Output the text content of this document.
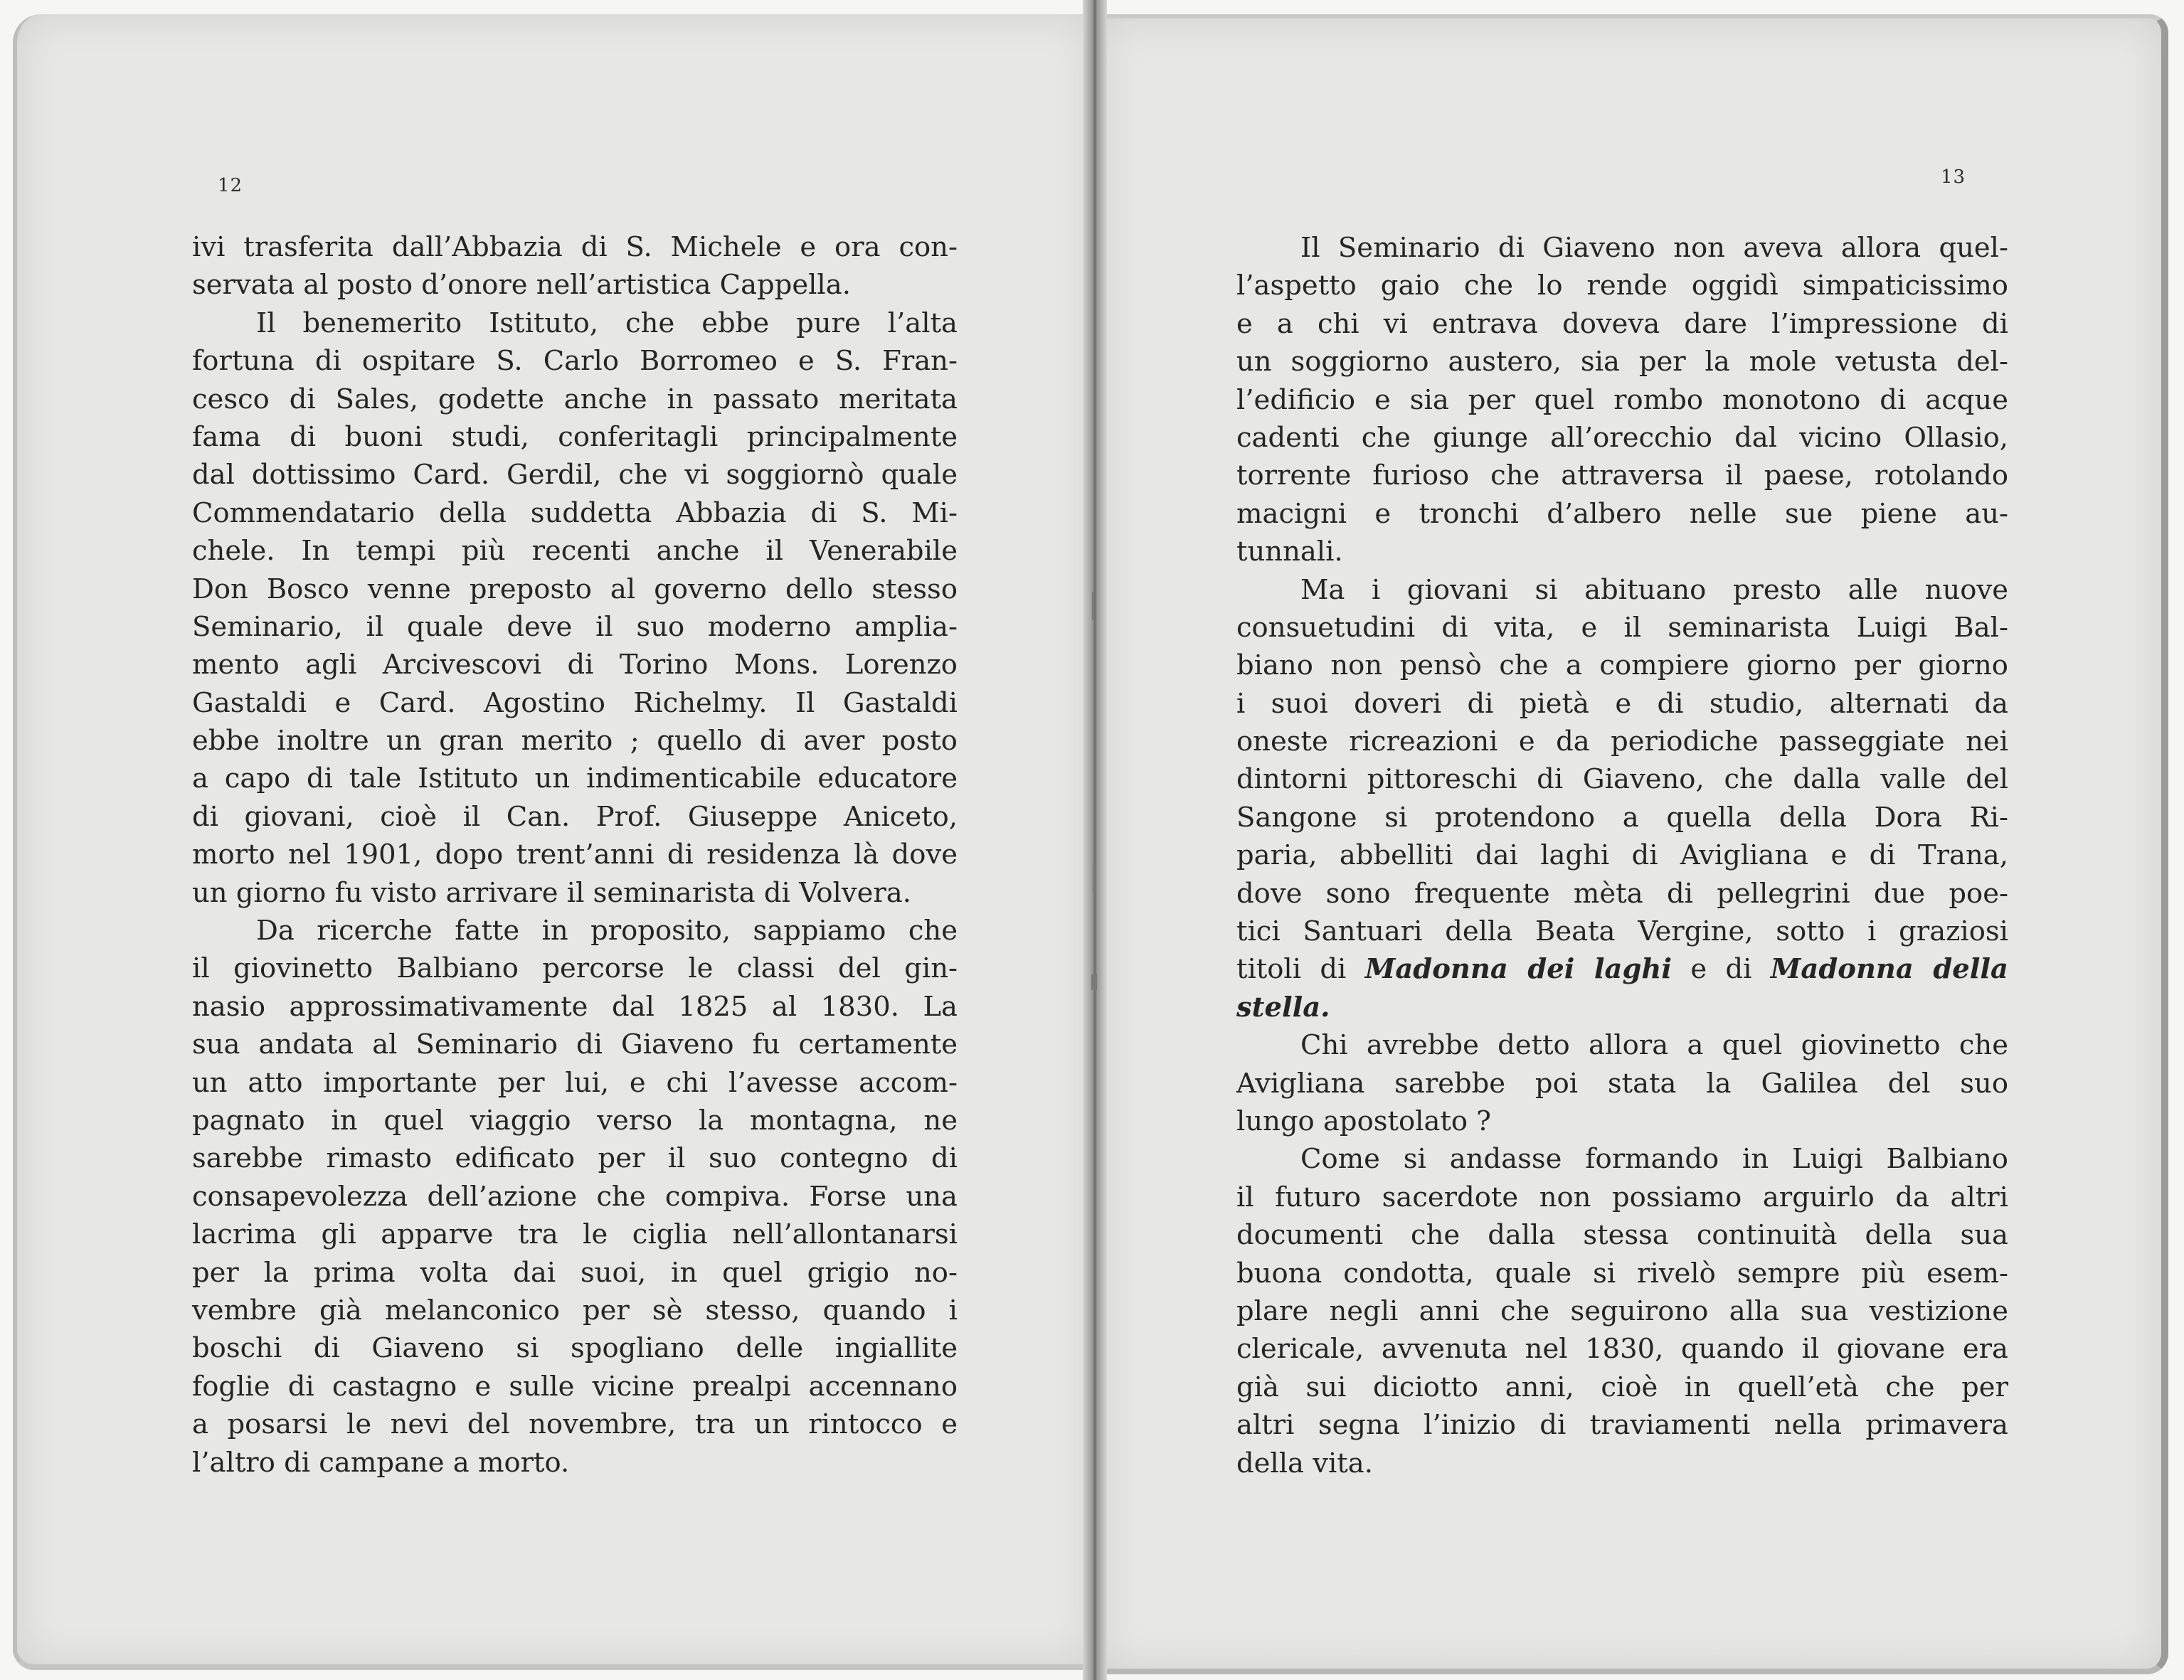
12	13
ivi trasferita dall’Abbazia di S. Michele e ora con-
servata al posto d’onore nell’artistica Cappella.
Il benemerito Istituto, che ebbe pure l’alta
fortuna di ospitare S. Carlo Borromeo e S. Fran-
cesco di Sales, godette anche in passato meritata
fama di buoni studi, conferitagli principalmente
dal dottissimo Card. Gerdil, che vi soggiornò quale
Commendatario della suddetta Abbazia di S. Mi-
chele. In tempi più recenti anche il Venerabile
Don Bosco venne preposto al governo dello stesso
Seminario, il quale deve il suo moderno amplia-
mento agli Arcivescovi di Torino Mons. Lorenzo
Gastaldi e Card. Agostino Richelmy. Il Gastaldi
ebbe inoltre un gran merito ; quello di aver posto
a capo di tale Istituto un indimenticabile educatore
di giovani, cioè il Can. Prof. Giuseppe Aniceto,
morto nel 1901, dopo trent’anni di residenza là dove
un giorno fu visto arrivare il seminarista di Volvera.
Da ricerche fatte in proposito, sappiamo che
il giovinetto Balbiano percorse le classi del gin-
nasio approssimativamente dal 1825 al 1830. La
sua andata al Seminario di Giaveno fu certamente
un atto importante per lui, e chi l’avesse accom-
pagnato in quel viaggio verso la montagna, ne
sarebbe rimasto edificato per il suo contegno di
consapevolezza dell’azione che compiva. Forse una
lacrima gli apparve tra le ciglia nell’allontanarsi
per la prima volta dai suoi, in quel grigio no-
vembre già melanconico per sè stesso, quando i
boschi di Giaveno si spogliano delle ingiallite
foglie di castagno e sulle vicine prealpi accennano
a posarsi le nevi del novembre, tra un rintocco e
l’altro di campane a morto.
Il Seminario di Giaveno non aveva allora quel-
l’aspetto gaio che lo rende oggidì simpaticissimo
e a chi vi entrava doveva dare l’impressione di
un soggiorno austero, sia per la mole vetusta del-
l’edificio e sia per quel rombo monotono di acque
cadenti che giunge all’orecchio dal vicino Ollasio,
torrente furioso che attraversa il paese, rotolando
macigni e tronchi d’albero nelle sue piene au-
tunnali.
Ma i giovani si abituano presto alle nuove
consuetudini di vita, e il seminarista Luigi Bal-
biano non pensò che a compiere giorno per giorno
i suoi doveri di pietà e di studio, alternati da
oneste ricreazioni e da periodiche passeggiate nei
dintorni pittoreschi di Giaveno, che dalla valle del
Sangone si protendono a quella della Dora Ri-
paria, abbelliti dai laghi di Avigliana e di Trana,
dove sono frequente mèta di pellegrini due poe-
tici Santuari della Beata Vergine, sotto i graziosi
titoli di Madonna dei laghi e di Madonna della
stella.
Chi avrebbe detto allora a quel giovinetto che
Avigliana sarebbe poi stata la Galilea del suo
lungo apostolato ?
Come si andasse formando in Luigi Balbiano
il futuro sacerdote non possiamo arguirlo da altri
documenti che dalla stessa continuità della sua
buona condotta, quale si rivelò sempre più esem-
plare negli anni che seguirono alla sua vestizione
clericale, avvenuta nel 1830, quando il giovane era
già sui diciotto anni, cioè in quell’età che per
altri segna l’inizio di traviamenti nella primavera
della vita.
